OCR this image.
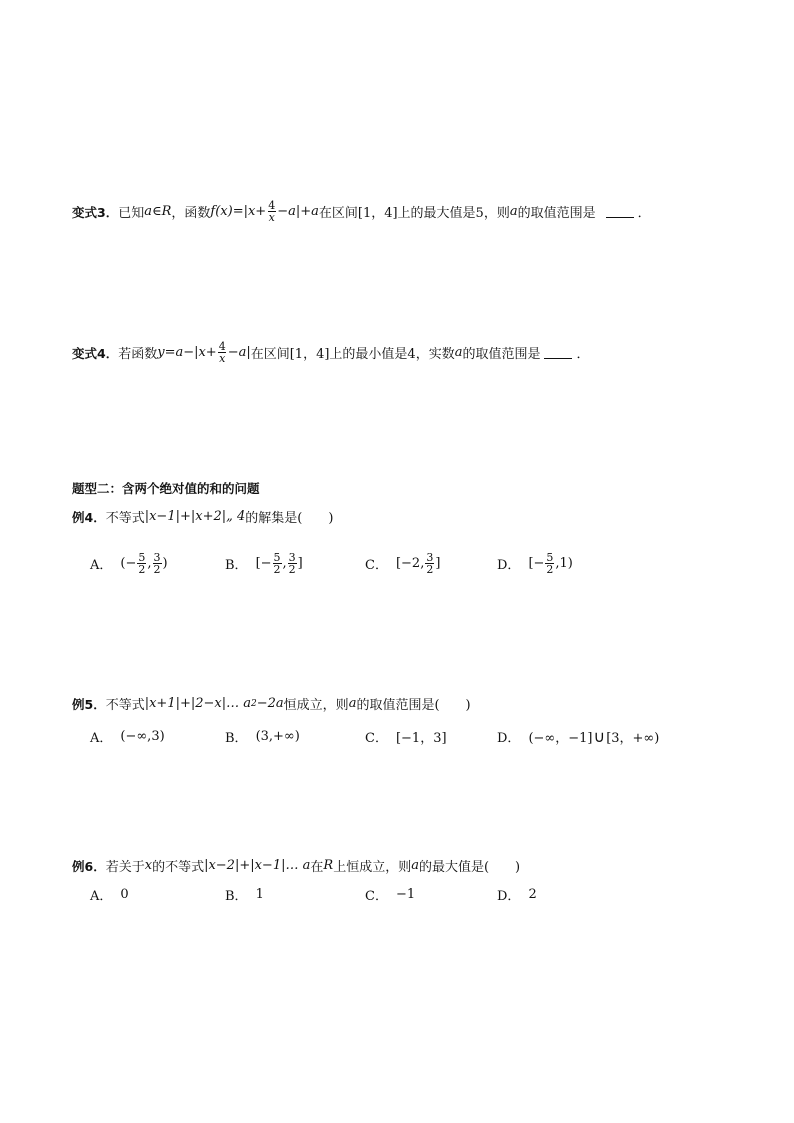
变式3． 已知 a∈R ，函数 $f(x)=|x+ \frac{4}{x} -a|+a$ 在区间[1，4]上的最大值是5，则 a 的取值范围是	．
变式4． 若函数 $y=a-|x+ \frac{4}{x} -a|$ 在区间[1，4]上的最小值是4，实数 a 的取值范围是	．
题型二：含两个绝对值的和的问题
例4． 不等式 |x−1|+|x+2|„ 4 的解集是(　　)
A． (− $\frac{5}{2}$ , $\frac{3}{2}$ )	B． [− $\frac{5}{2}$ , $\frac{3}{2}$ ]	C． [−2, $\frac{3}{2}$ ]	D． [− $\frac{5}{2} ,1$)
例5． 不等式 |x+1|+|2−x|… a 2 −2a 恒成立，则 a 的取值范围是(　　)
A． (−∞,3)	B． (3,+∞)	C． [−1，3]	D． (−∞，−1] ∪ [3，+∞)
例6． 若关于 x 的不等式 |x−2|+|x−1|… a 在 R 上恒成立，则 a 的最大值是(　　)
A． 0	B． 1	C． −1	D． 2
